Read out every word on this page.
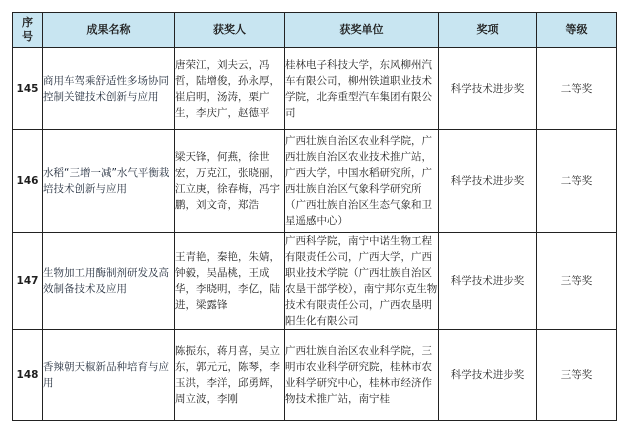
序号	成果名称	获奖人	获奖单位	奖项	等级
145	商用车驾乘舒适性多场协同控制关键技术创新与应用	唐荣江，刘夫云，冯哲，陆增俊，孙永厚，崔启明，汤涛，栗广生，李庆广，赵德平	桂林电子科技大学，东风柳州汽车有限公司，柳州铁道职业技术学院，北奔重型汽车集团有限公司	科学技术进步奖	二等奖
146	水稻“三增一减”水气平衡栽培技术创新与应用	梁天锋，何燕，徐世宏，万克江，张晓丽，江立庚，徐春梅，冯宇鹏，刘文奇，郑浩	广西壮族自治区农业科学院，广西壮族自治区农业技术推广站，广西大学，中国水稻研究所，广西壮族自治区气象科学研究所（广西壮族自治区生态气象和卫星遥感中心）	科学技术进步奖	二等奖
147	生物加工用酶制剂研发及高效制备技术及应用	王青艳，秦艳，朱婧，钟毅，吴晶桃，王成华，李晓明，李亿，陆进，梁露锋	广西科学院，南宁中诺生物工程有限责任公司，广西大学，广西职业技术学院（广西壮族自治区农垦干部学校），南宁邦尔克生物技术有限责任公司，广西农垦明阳生化有限公司	科学技术进步奖	三等奖
148	香辣朝天椒新品种培育与应用	陈振东，蒋月喜，吴立东，郭元元，陈琴，李玉洪，李洋，邱勇辉，周立波，李刚	广西壮族自治区农业科学院，三明市农业科学研究院，桂林市农业科学研究中心，桂林市经济作物技术推广站，南宁桂	科学技术进步奖	三等奖
